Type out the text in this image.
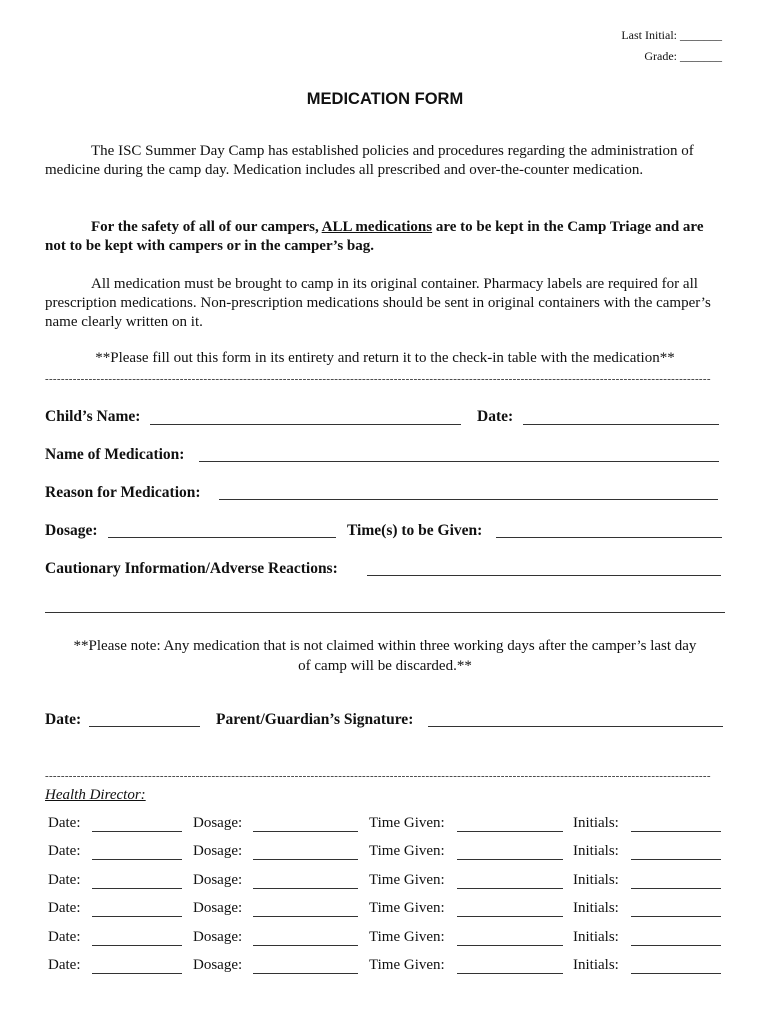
Last Initial: _______
Grade: _______
MEDICATION FORM

The ISC Summer Day Camp has established policies and procedures regarding the administration of medicine during the camp day. Medication includes all prescribed and over-the-counter medication.

For the safety of all of our campers, ALL medications are to be kept in the Camp Triage and are not to be kept with campers or in the camper’s bag.

All medication must be brought to camp in its original container. Pharmacy labels are required for all prescription medications. Non-prescription medications should be sent in original containers with the camper’s name clearly written on it.

**Please fill out this form in its entirety and return it to the check-in table with the medication**
------------------------------------------------------------------------------------------------------------------------------------------------------------------------
Child’s Name:	Date:
Name of Medication:
Reason for Medication:
Dosage:	Time(s) to be Given:
Cautionary Information/Adverse Reactions:
**Please note: Any medication that is not claimed within three working days after the camper’s last day
of camp will be discarded.**
Date:	Parent/Guardian’s Signature:
------------------------------------------------------------------------------------------------------------------------------------------------------------------------
Health Director:
Date:	Dosage:	Time Given:	Initials:
Date:	Dosage:	Time Given:	Initials:
Date:	Dosage:	Time Given:	Initials:
Date:	Dosage:	Time Given:	Initials:
Date:	Dosage:	Time Given:	Initials:
Date:	Dosage:	Time Given:	Initials:
